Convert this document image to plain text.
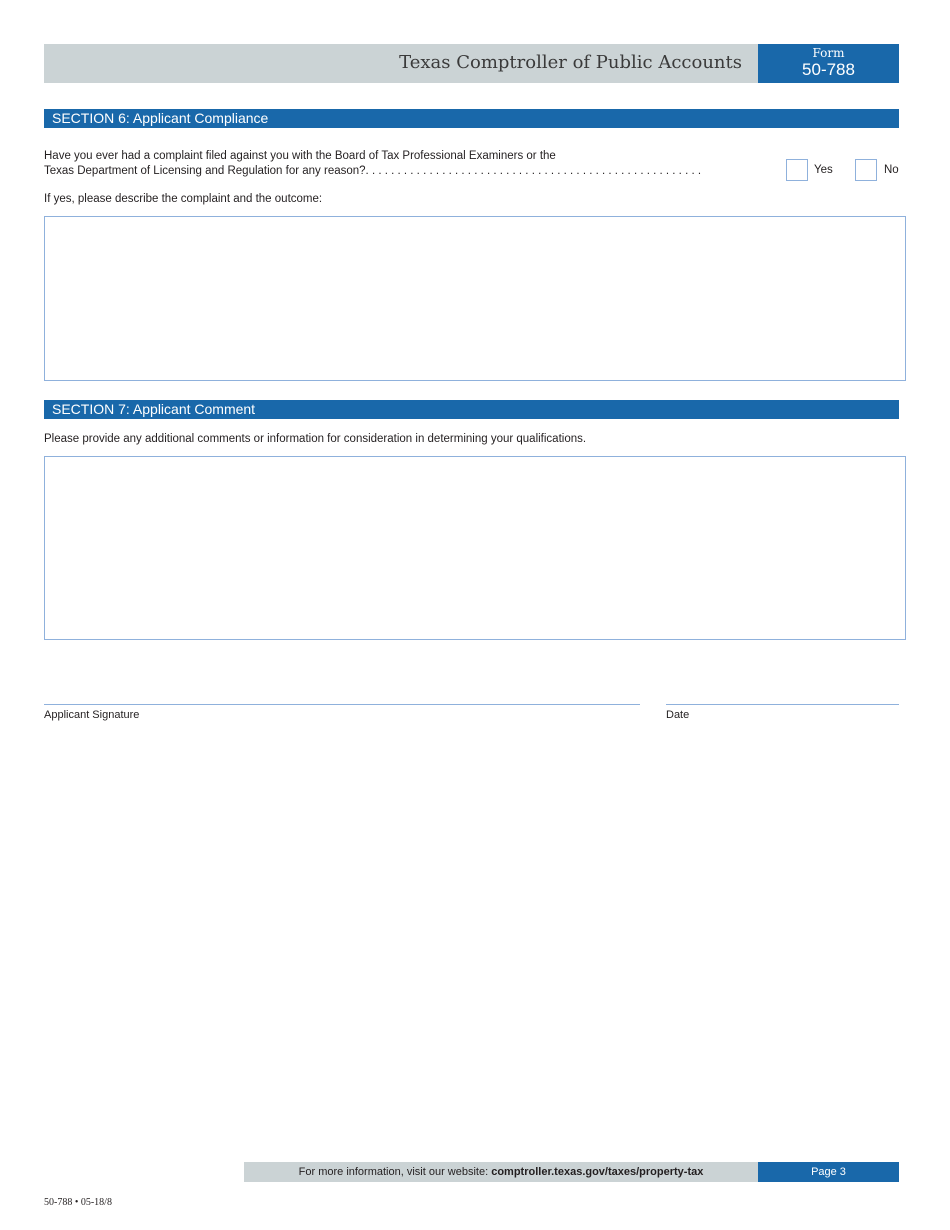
Texas Comptroller of Public Accounts	Form
50-788
SECTION 6: Applicant Compliance
Have you ever had a complaint filed against you with the Board of Tax Professional Examiners or the
Texas Department of Licensing and Regulation for any reason?. . . . . . . . . . . . . . . . . . . . . . . . . . . . . . . . . . . . . . . . . . . . . . . . . . . . .	Yes	No
If yes, please describe the complaint and the outcome:
SECTION 7: Applicant Comment
Please provide any additional comments or information for consideration in determining your qualifications.
Applicant Signature	Date
For more information, visit our website: comptroller.texas.gov/taxes/property-tax	Page 3
50-788 • 05-18/8
